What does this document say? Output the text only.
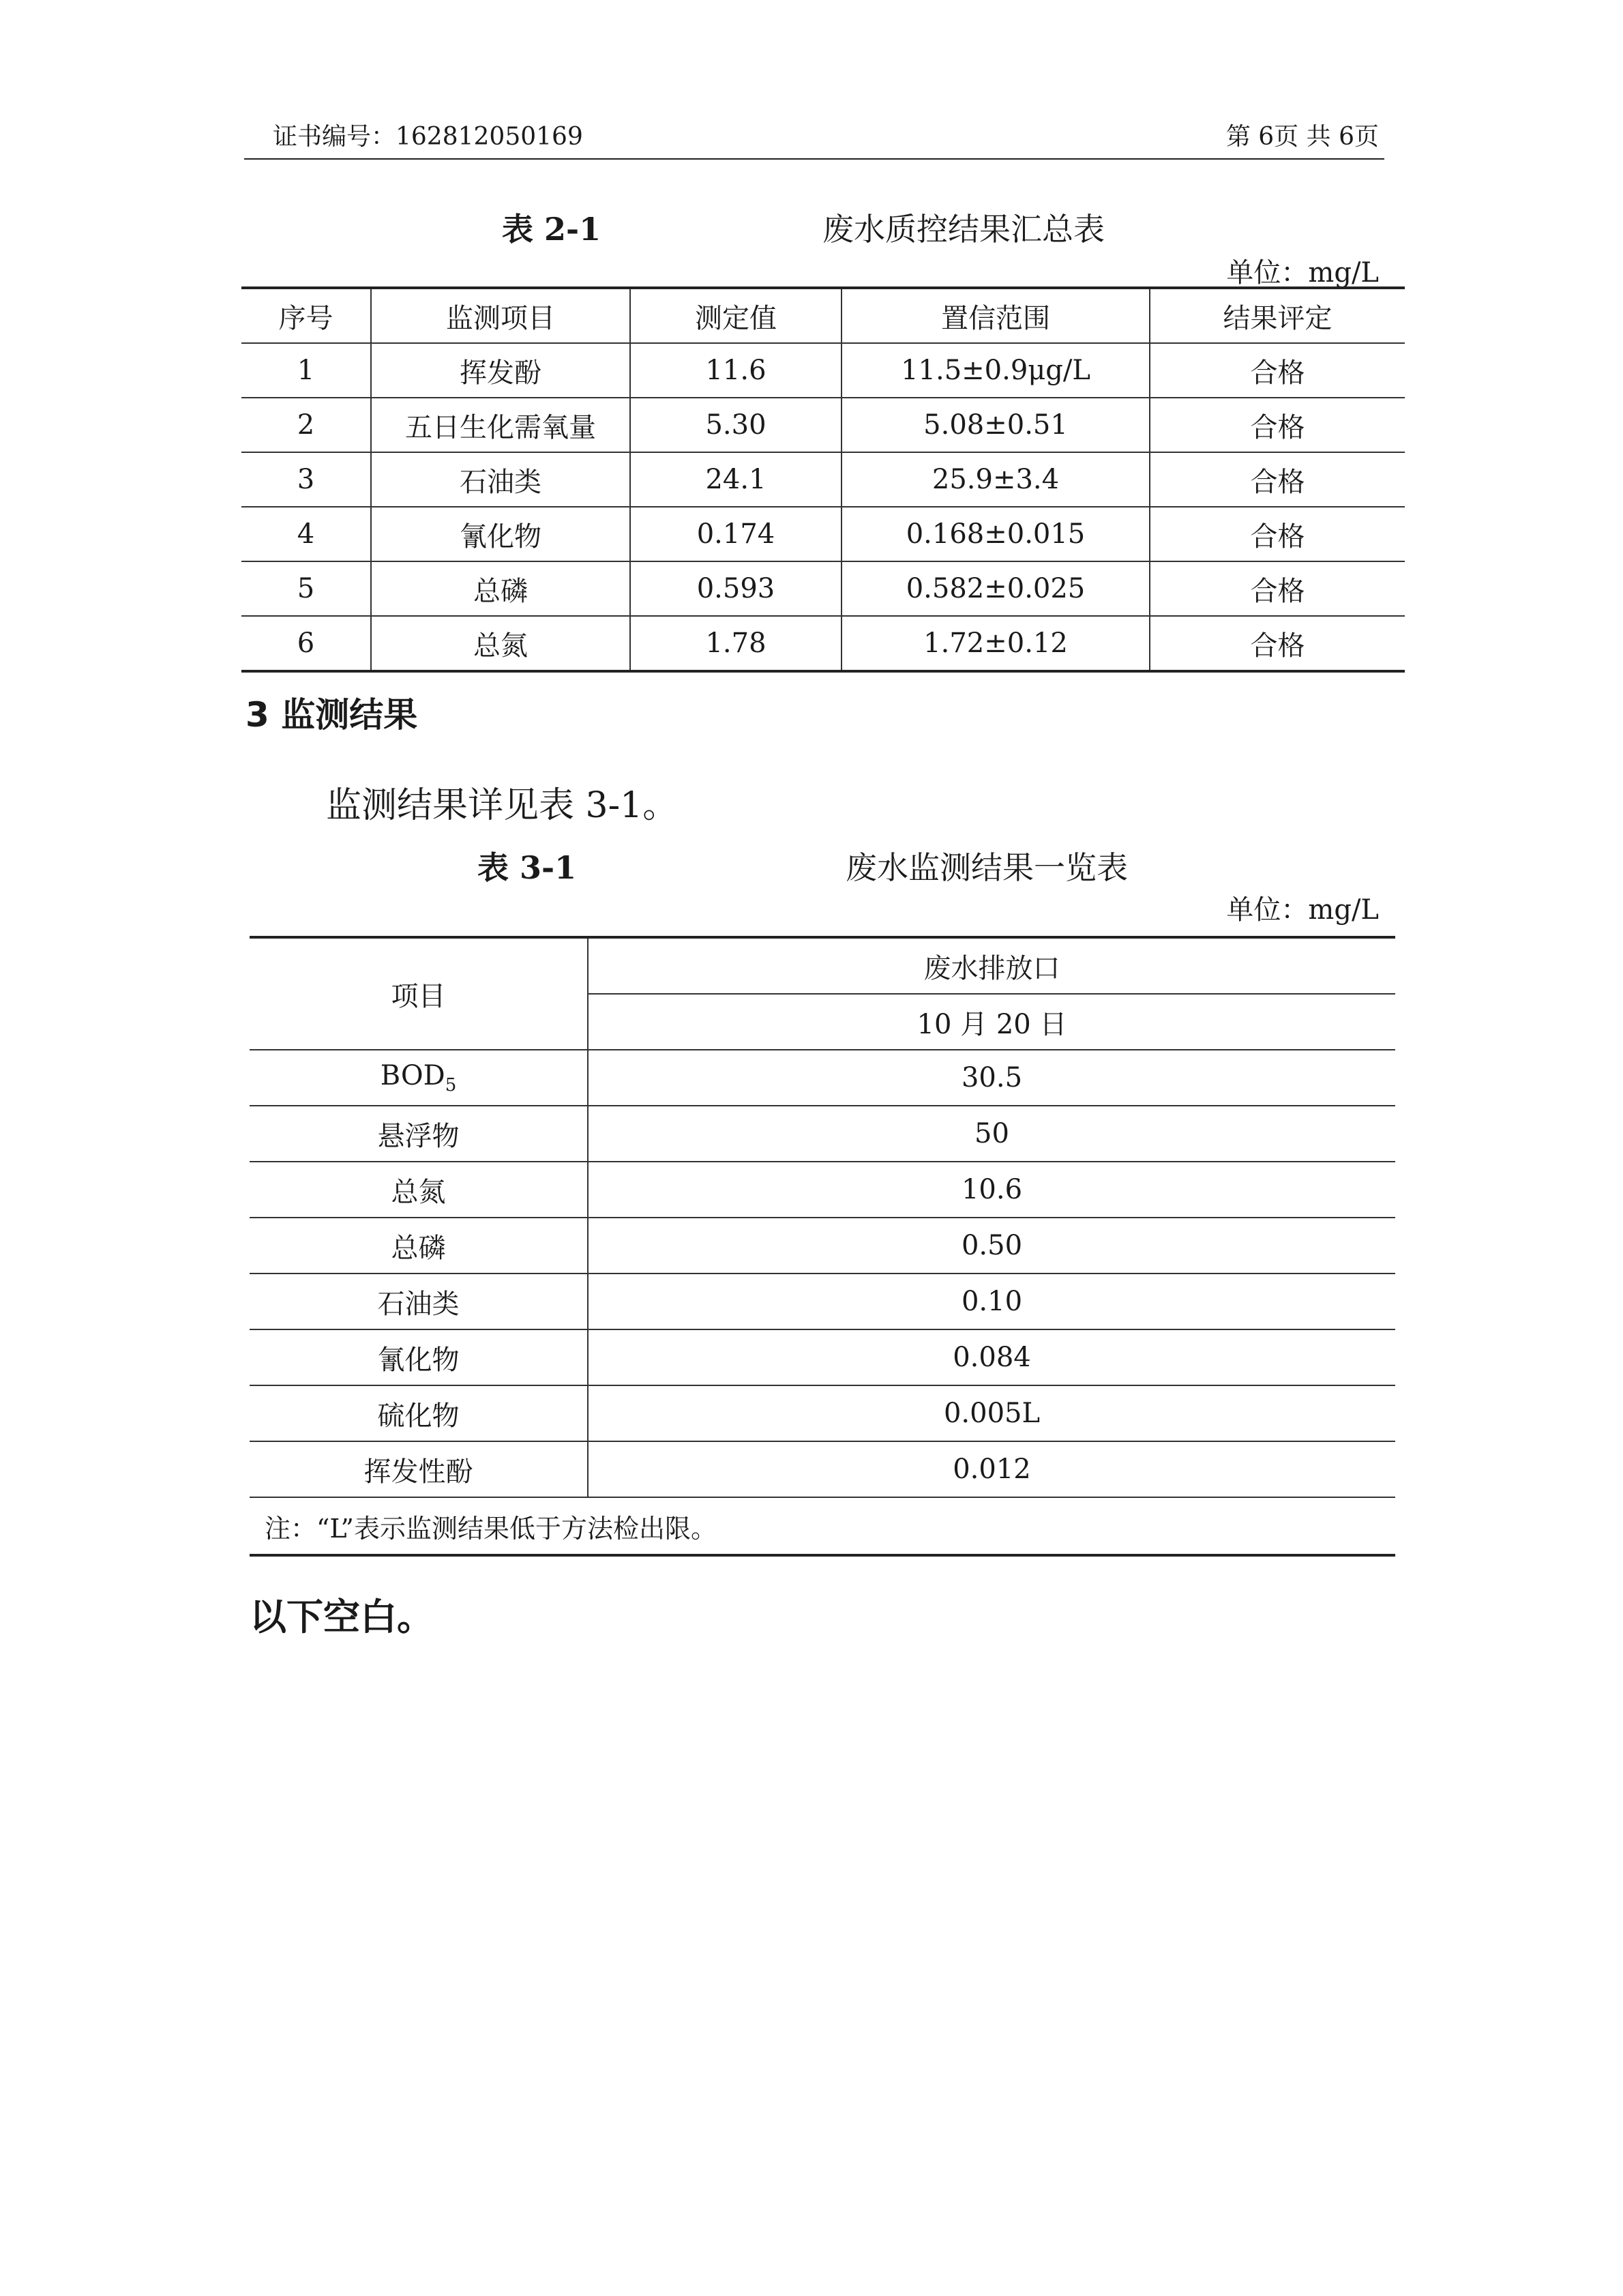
证书编号：162812050169	第 6页 共 6页
表 2-1	废水质控结果汇总表
单位：mg/L
序号	监测项目	测定值	置信范围	结果评定
1	挥发酚	11.6	11.5±0.9μg/L	合格
2	五日生化需氧量	5.30	5.08±0.51	合格
3	石油类	24.1	25.9±3.4	合格
4	氰化物	0.174	0.168±0.015	合格
5	总磷	0.593	0.582±0.025	合格
6	总氮	1.78	1.72±0.12	合格
3 监测结果
监测结果详见表 3-1。
表 3-1	废水监测结果一览表
单位：mg/L
项目	废水排放口
	10 月 20 日
$BOD_5$	30.5
悬浮物	50
总氮	10.6
总磷	0.50
石油类	0.10
氰化物	0.084
硫化物	0.005L
挥发性酚	0.012
注：“L”表示监测结果低于方法检出限。	
以下空白。
